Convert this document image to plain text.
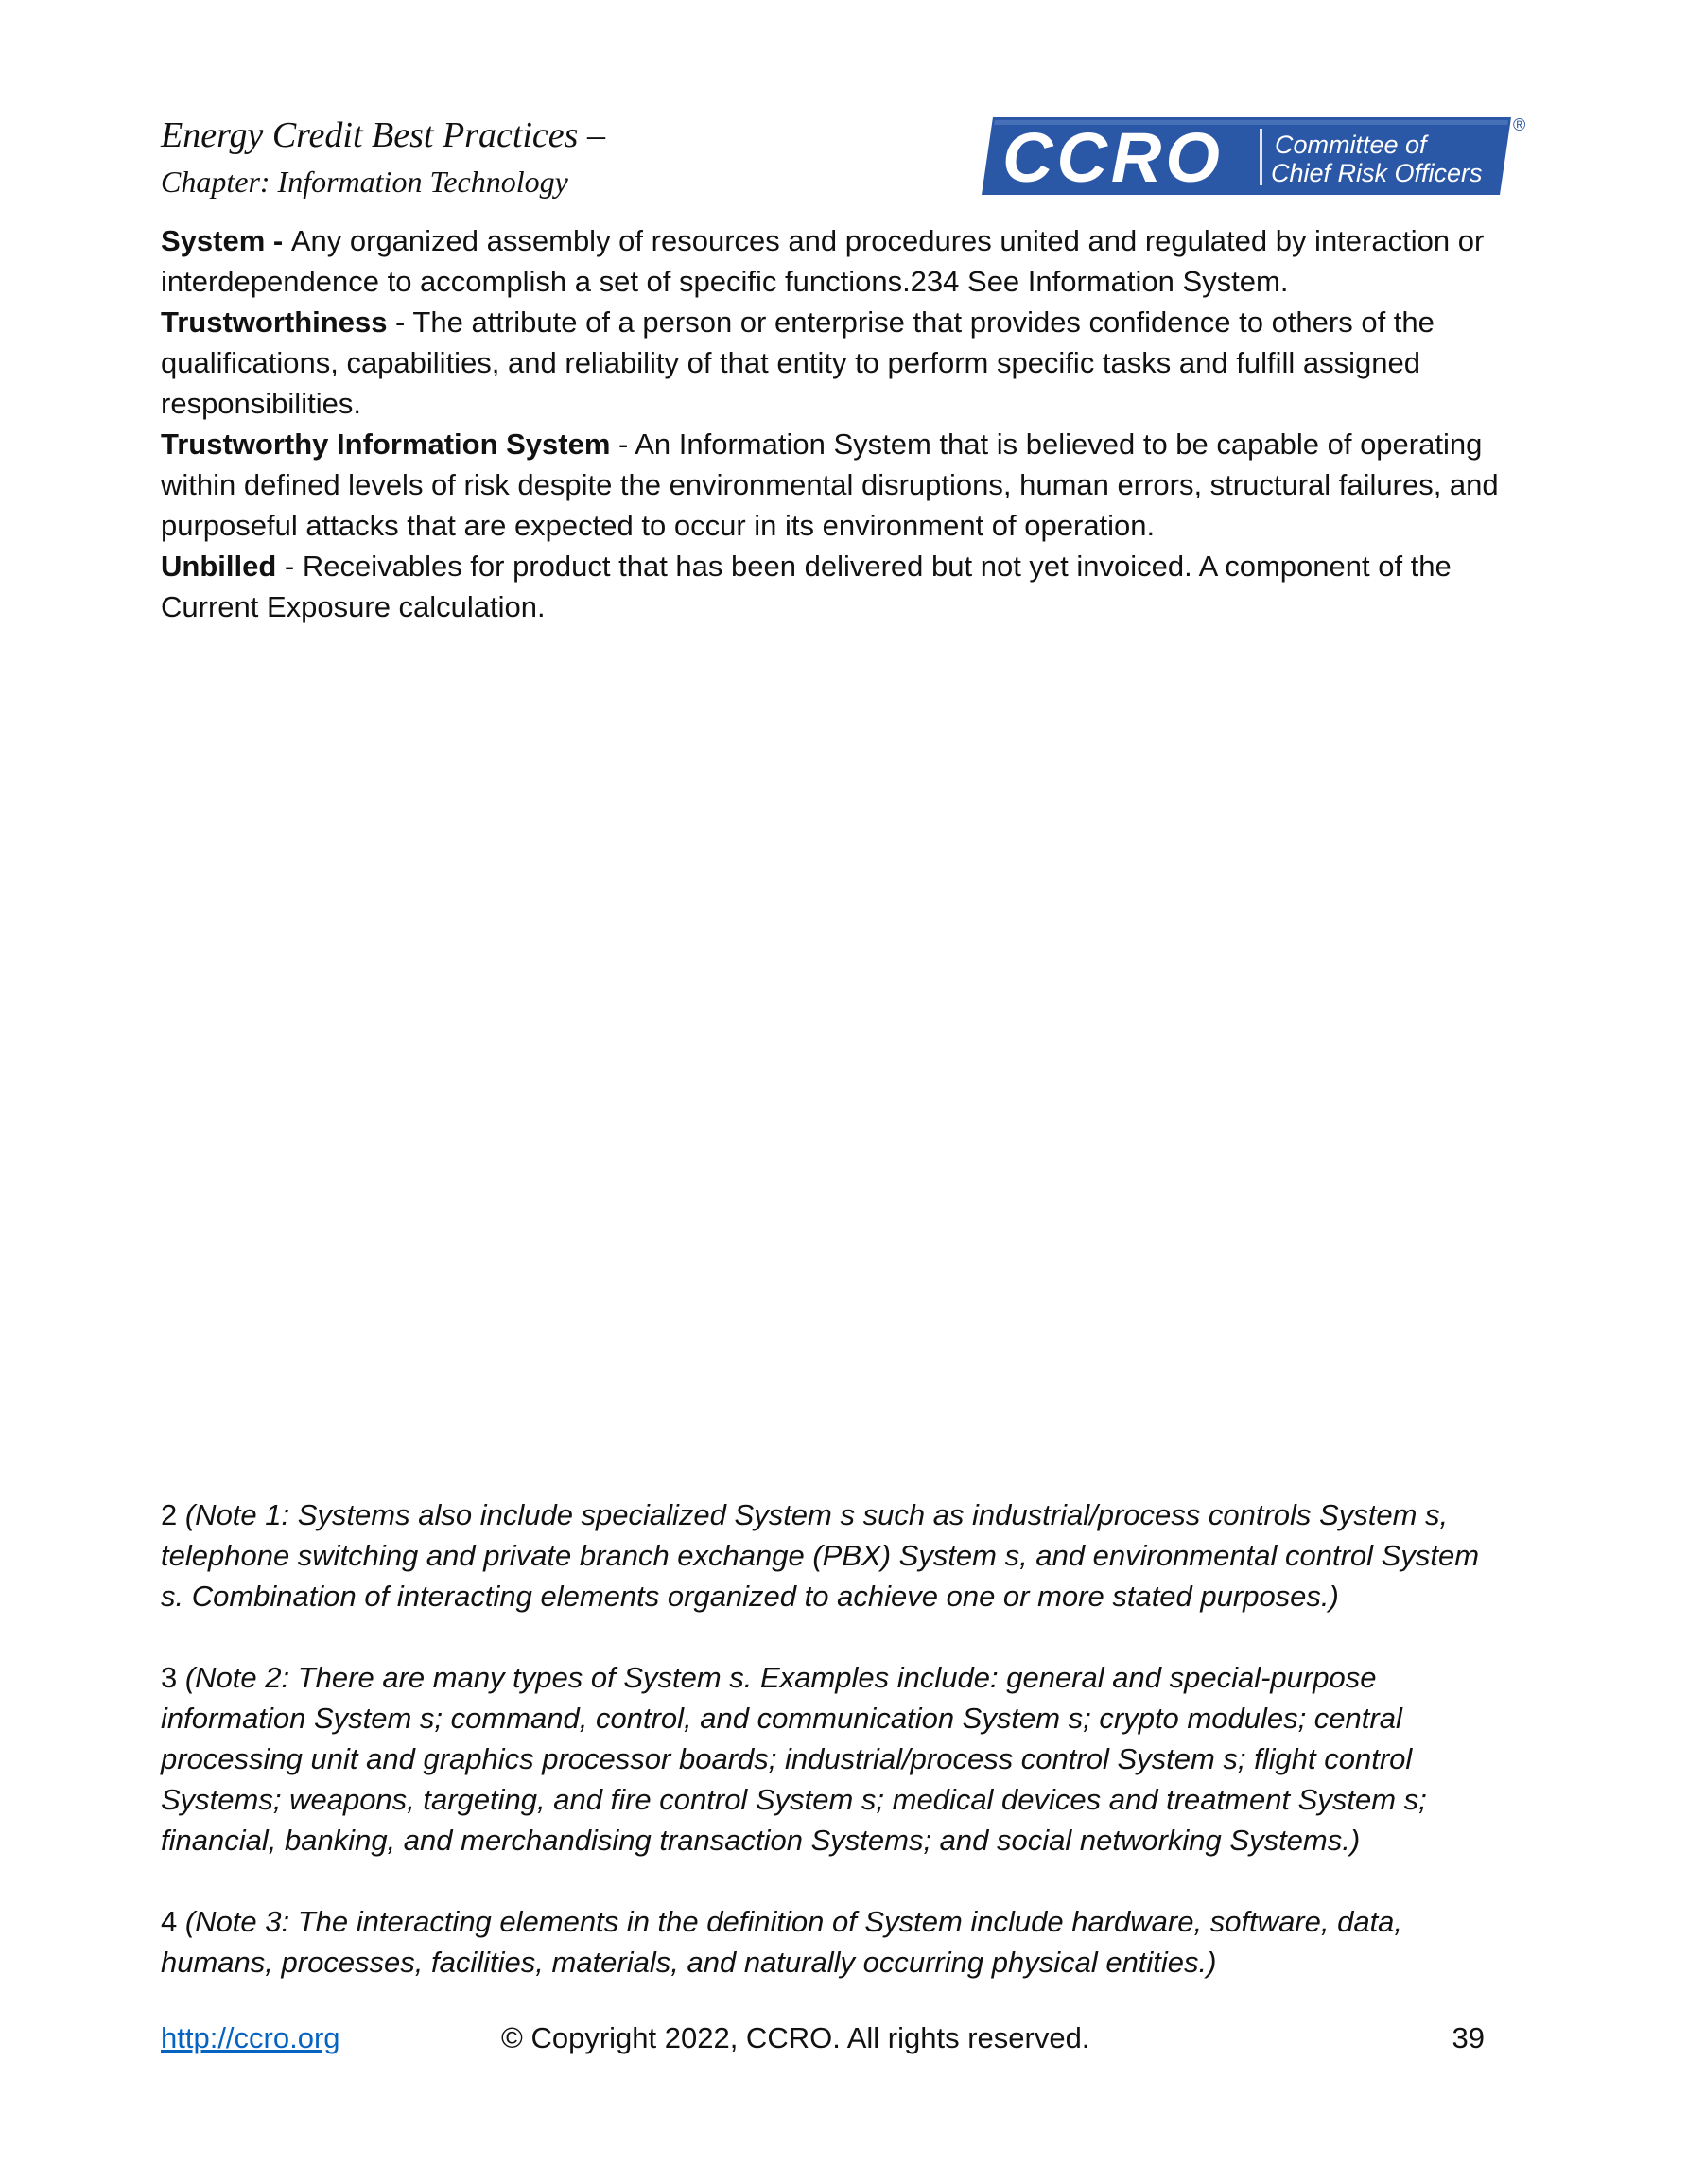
Energy Credit Best Practices –
Chapter: Information Technology	CCRO Committee of
Chief Risk Officers
®

System - Any organized assembly of resources and procedures united and regulated by interaction or interdependence to accomplish a set of specific functions.234 See Information System.

Trustworthiness - The attribute of a person or enterprise that provides confidence to others of the qualifications, capabilities, and reliability of that entity to perform specific tasks and fulfill assigned responsibilities.

Trustworthy Information System - An Information System that is believed to be capable of operating within defined levels of risk despite the environmental disruptions, human errors, structural failures, and purposeful attacks that are expected to occur in its environment of operation.

Unbilled - Receivables for product that has been delivered but not yet invoiced. A component of the Current Exposure calculation.

2 (Note 1: Systems also include specialized System s such as industrial/process controls System s, telephone switching and private branch exchange (PBX) System s, and environmental control System s. Combination of interacting elements organized to achieve one or more stated purposes.)

3 (Note 2: There are many types of System s. Examples include: general and special-purpose information System s; command, control, and communication System s; crypto modules; central processing unit and graphics processor boards; industrial/process control System s; flight control Systems; weapons, targeting, and fire control System s; medical devices and treatment System s; financial, banking, and merchandising transaction Systems; and social networking Systems.)

4 (Note 3: The interacting elements in the definition of System include hardware, software, data, humans, processes, facilities, materials, and naturally occurring physical entities.)

http://ccro.org	© Copyright 2022, CCRO. All rights reserved.	39
